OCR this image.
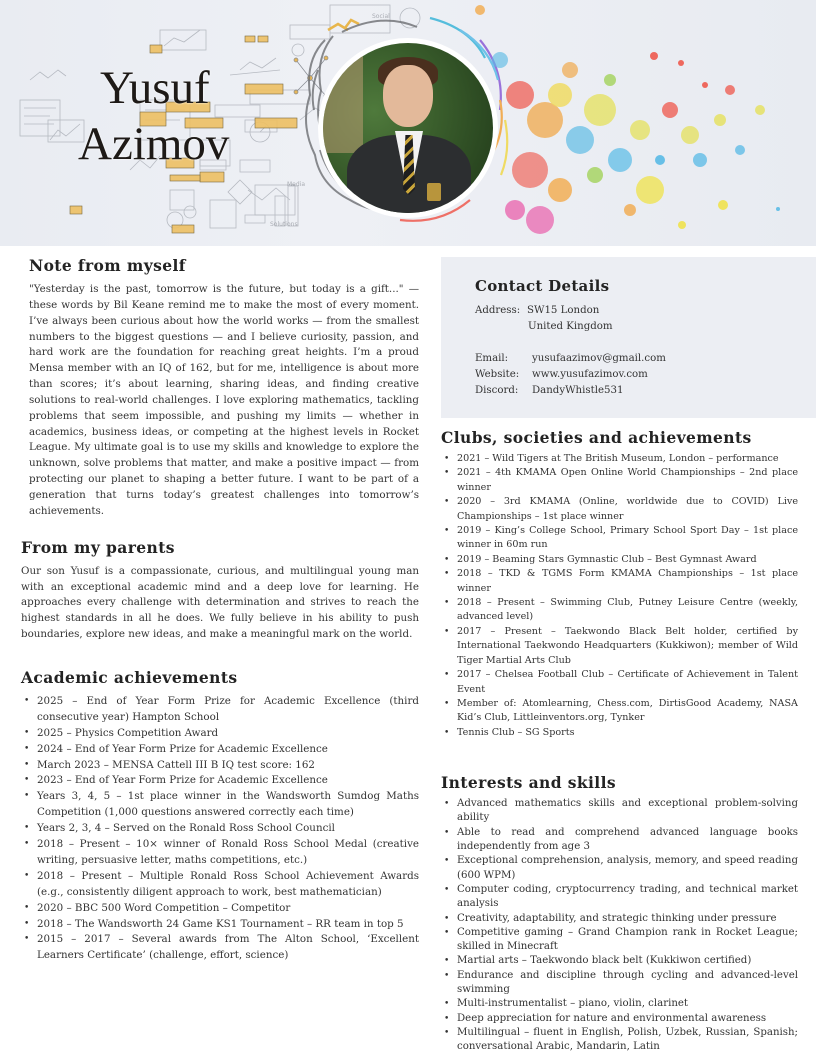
Social
Media
Solutions
Yusuf
Azimov
Note from myself

"Yesterday is the past, tomorrow is the future, but today is a gift..." — these words by Bil Keane remind me to make the most of every moment. I’ve always been curious about how the world works — from the smallest numbers to the biggest questions — and I believe curiosity, passion, and hard work are the foundation for reaching great heights. I’m a proud Mensa member with an IQ of 162, but for me, intelligence is about more than scores; it’s about learning, sharing ideas, and finding creative solutions to real-world challenges. I love exploring mathematics, tackling problems that seem impossible, and pushing my limits — whether in academics, business ideas, or competing at the highest levels in Rocket League. My ultimate goal is to use my skills and knowledge to explore the unknown, solve problems that matter, and make a positive impact — from protecting our planet to shaping a better future. I want to be part of a generation that turns today’s greatest challenges into tomorrow’s achievements.

From my parents

Our son Yusuf is a compassionate, curious, and multilingual young man with an exceptional academic mind and a deep love for learning. He approaches every challenge with determination and strives to reach the highest standards in all he does. We fully believe in his ability to push boundaries, explore new ideas, and make a meaningful mark on the world.

Academic achievements
• 2025 – End of Year Form Prize for Academic Excellence (third consecutive year) Hampton School
• 2025 – Physics Competition Award
• 2024 – End of Year Form Prize for Academic Excellence
• March 2023 – MENSA Cattell III B IQ test score: 162
• 2023 – End of Year Form Prize for Academic Excellence
• Years 3, 4, 5 – 1st place winner in the Wandsworth Sumdog Maths Competition (1,000 questions answered correctly each time)
• Years 2, 3, 4 – Served on the Ronald Ross School Council
• 2018 – Present – 10× winner of Ronald Ross School Medal (creative writing, persuasive letter, maths competitions, etc.)
• 2018 – Present – Multiple Ronald Ross School Achievement Awards (e.g., consistently diligent approach to work, best mathematician)
• 2020 – BBC 500 Word Competition – Competitor
• 2018 – The Wandsworth 24 Game KS1 Tournament – RR team in top 5
• 2015 – 2017 – Several awards from The Alton School, ‘Excellent Learners Certificate’ (challenge, effort, science)
Contact Details
Address: SW15 London
United Kingdom
Email:	yusufaazimov@gmail.com
Website:	www.yusufazimov.com
Discord:	DandyWhistle531
Clubs, societies and achievements
• 2021 – Wild Tigers at The British Museum, London – performance
• 2021 – 4th KMAMA Open Online World Championships – 2nd place winner
• 2020 – 3rd KMAMA (Online, worldwide due to COVID) Live Championships – 1st place winner
• 2019 – King’s College School, Primary School Sport Day – 1st place winner in 60m run
• 2019 – Beaming Stars Gymnastic Club – Best Gymnast Award
• 2018 – TKD & TGMS Form KMAMA Championships – 1st place winner
• 2018 – Present – Swimming Club, Putney Leisure Centre (weekly, advanced level)
• 2017 – Present – Taekwondo Black Belt holder, certified by International Taekwondo Headquarters (Kukkiwon); member of Wild Tiger Martial Arts Club
• 2017 – Chelsea Football Club – Certificate of Achievement in Talent Event
• Member of: Atomlearning, Chess.com, DirtisGood Academy, NASA Kid’s Club, Littleinventors.org, Tynker
• Tennis Club – SG Sports
Interests and skills
• Advanced mathematics skills and exceptional problem-solving ability
• Able to read and comprehend advanced language books independently from age 3
• Exceptional comprehension, analysis, memory, and speed reading (600 WPM)
• Computer coding, cryptocurrency trading, and technical market analysis
• Creativity, adaptability, and strategic thinking under pressure
• Competitive gaming – Grand Champion rank in Rocket League; skilled in Minecraft
• Martial arts – Taekwondo black belt (Kukkiwon certified)
• Endurance and discipline through cycling and advanced-level swimming
• Multi-instrumentalist – piano, violin, clarinet
• Deep appreciation for nature and environmental awareness
• Multilingual – fluent in English, Polish, Uzbek, Russian, Spanish; conversational Arabic, Mandarin, Latin
